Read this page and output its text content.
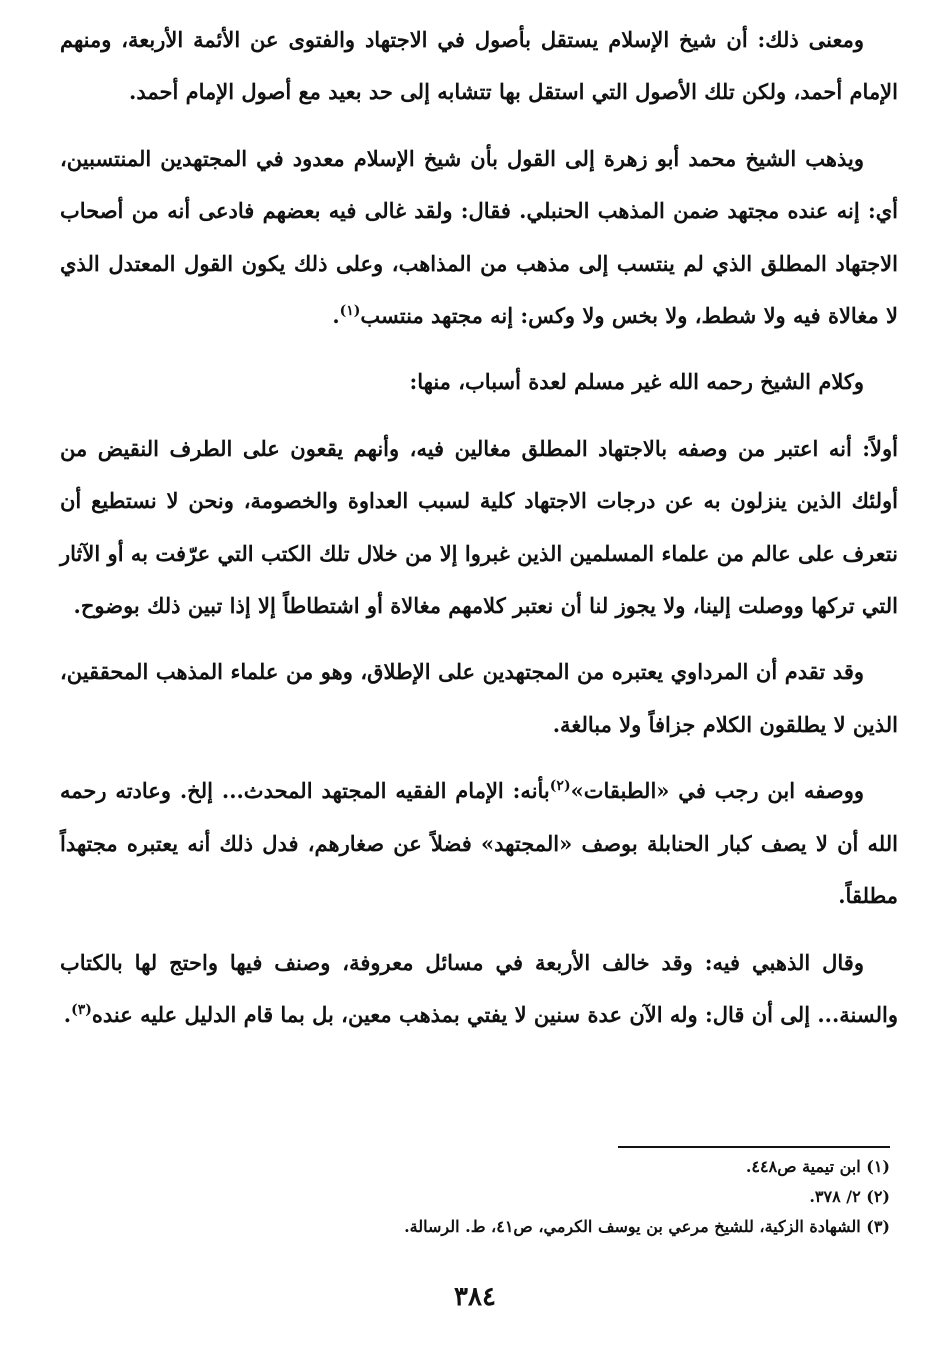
ومعنى ذلك: أن شيخ الإسلام يستقل بأصول في الاجتهاد والفتوى عن الأئمة الأربعة، ومنهم الإمام أحمد، ولكن تلك الأصول التي استقل بها تتشابه إلى حد بعيد مع أصول الإمام أحمد.

ويذهب الشيخ محمد أبو زهرة إلى القول بأن شيخ الإسلام معدود في المجتهدين المنتسبين، أي: إنه عنده مجتهد ضمن المذهب الحنبلي. فقال: ولقد غالى فيه بعضهم فادعى أنه من أصحاب الاجتهاد المطلق الذي لم ينتسب إلى مذهب من المذاهب، وعلى ذلك يكون القول المعتدل الذي لا مغالاة فيه ولا شطط، ولا بخس ولا وكس: إنه مجتهد منتسب$^{(١)}$.

وكلام الشيخ رحمه الله غير مسلم لعدة أسباب، منها:

أولاً: أنه اعتبر من وصفه بالاجتهاد المطلق مغالين فيه، وأنهم يقعون على الطرف النقيض من أولئك الذين ينزلون به عن درجات الاجتهاد كلية لسبب العداوة والخصومة، ونحن لا نستطيع أن نتعرف على عالم من علماء المسلمين الذين غبروا إلا من خلال تلك الكتب التي عرّفت به أو الآثار التي تركها ووصلت إلينا، ولا يجوز لنا أن نعتبر كلامهم مغالاة أو اشتطاطاً إلا إذا تبين ذلك بوضوح.

وقد تقدم أن المرداوي يعتبره من المجتهدين على الإطلاق، وهو من علماء المذهب المحققين، الذين لا يطلقون الكلام جزافاً ولا مبالغة.

ووصفه ابن رجب في «الطبقات»$^{(٢)}$بأنه: الإمام الفقيه المجتهد المحدث... إلخ. وعادته رحمه الله أن لا يصف كبار الحنابلة بوصف «المجتهد» فضلاً عن صغارهم، فدل ذلك أنه يعتبره مجتهداً مطلقاً.

وقال الذهبي فيه: وقد خالف الأربعة في مسائل معروفة، وصنف فيها واحتج لها بالكتاب والسنة... إلى أن قال: وله الآن عدة سنين لا يفتي بمذهب معين، بل بما قام الدليل عليه عنده$^{(٣)}$.

(١) ابن تيمية ص٤٤٨.

(٢) ٢/ ٣٧٨.

(٣) الشهادة الزكية، للشيخ مرعي بن يوسف الكرمي، ص٤١، ط. الرسالة.

٣٨٤
